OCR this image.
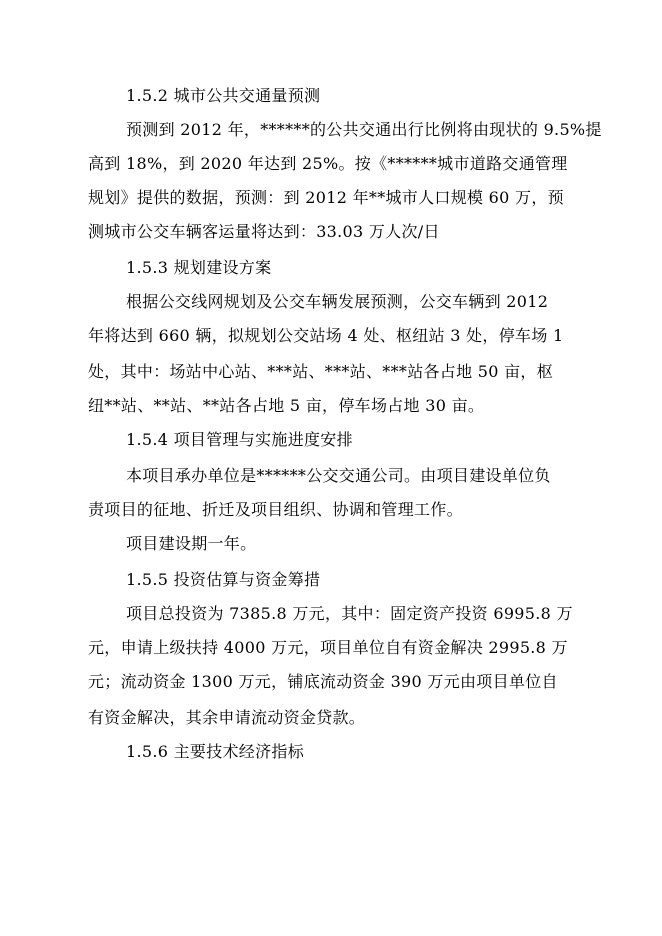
1.5.2 城市公共交通量预测
预测到 2012 年，******的公共交通出行比例将由现状的 9.5%提
高到 18%，到 2020 年达到 25%。按《******城市道路交通管理
规划》提供的数据，预测：到 2012 年**城市人口规模 60 万，预
测城市公交车辆客运量将达到：33.03 万人次/日
1.5.3 规划建设方案
根据公交线网规划及公交车辆发展预测，公交车辆到 2012
年将达到 660 辆，拟规划公交站场 4 处、枢纽站 3 处，停车场 1
处，其中：场站中心站、***站、***站、***站各占地 50 亩，枢
纽**站、**站、**站各占地 5 亩，停车场占地 30 亩。
1.5.4 项目管理与实施进度安排
本项目承办单位是******公交交通公司。由项目建设单位负
责项目的征地、折迁及项目组织、协调和管理工作。
项目建设期一年。
1.5.5 投资估算与资金筹措
项目总投资为 7385.8 万元，其中：固定资产投资 6995.8 万
元，申请上级扶持 4000 万元，项目单位自有资金解决 2995.8 万
元；流动资金 1300 万元，铺底流动资金 390 万元由项目单位自
有资金解决，其余申请流动资金贷款。
1.5.6 主要技术经济指标
